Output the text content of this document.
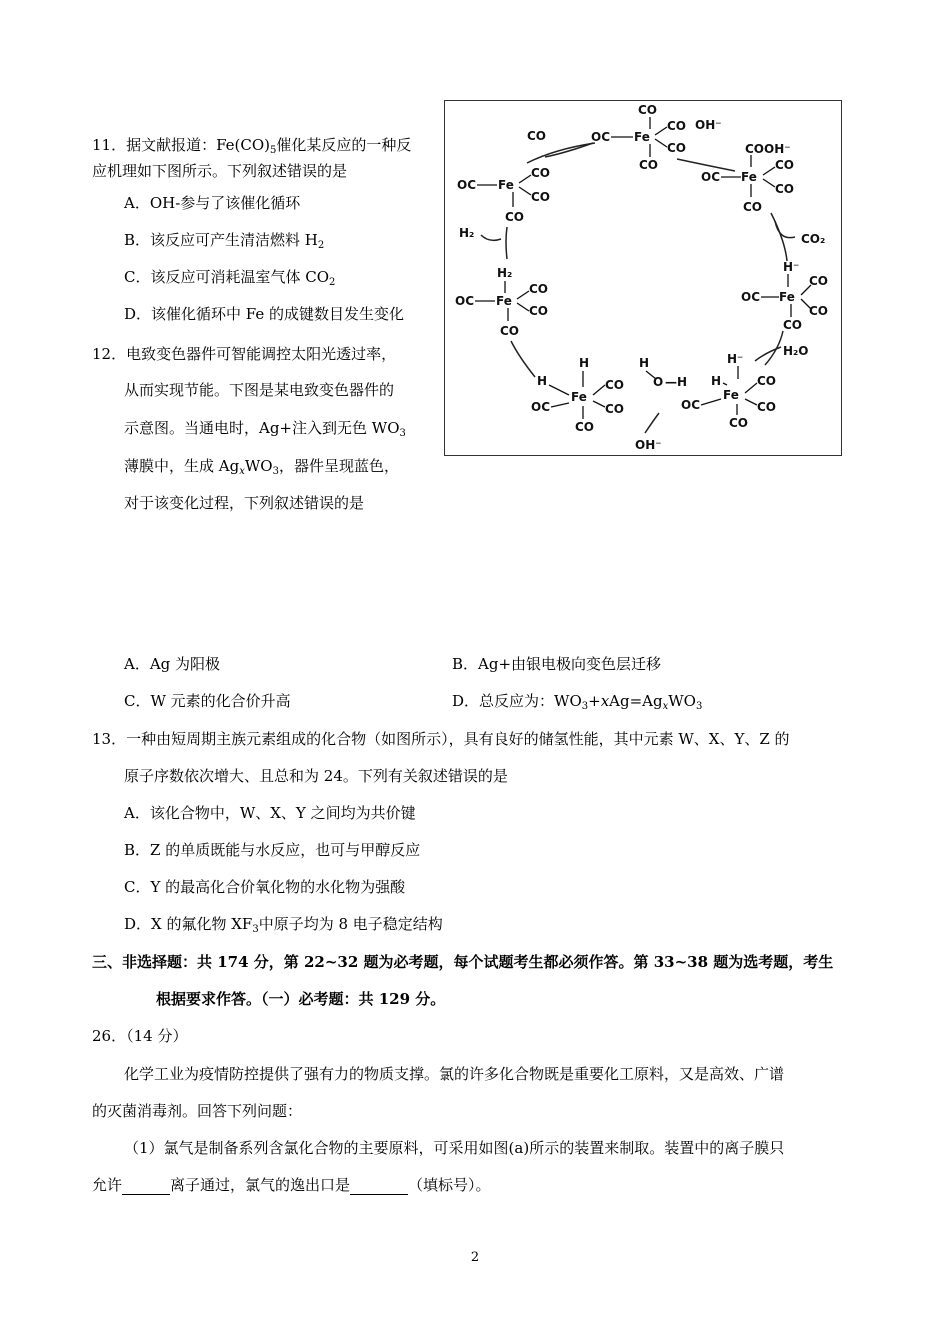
11．据文献报道：$Fe(CO)_5$催化某反应的一种反
应机理如下图所示。下列叙述错误的是
A．OH-参与了该催化循环
B．该反应可产生清洁燃料 $H_2$
C．该反应可消耗温室气体 $CO_2$
D．该催化循环中 Fe 的成键数目发生变化
CO
OC Fe
CO
CO
CO
CO
OC Fe
CO
CO
CO
OH⁻
COOH⁻
OC Fe
CO
CO
CO
CO₂
H₂
H₂
OC Fe
CO
CO
CO
H⁻
OC Fe
CO
CO
CO
H₂O
H
H
OC
Fe
CO
CO
CO
H
O —H
OH⁻
H⁻
H
OC
Fe
CO
CO
CO
12．电致变色器件可智能调控太阳光透过率，
从而实现节能。下图是某电致变色器件的
示意图。当通电时，Ag+注入到无色 $WO_3$
薄膜中，生成 $Ag_xWO_3$，器件呈现蓝色，
对于该变化过程，下列叙述错误的是
A．Ag 为阳极	B．Ag+由银电极向变色层迁移
C．W 元素的化合价升高	D．总反应为：$WO_3+xAg=Ag_xWO_3$
13．一种由短周期主族元素组成的化合物（如图所示），具有良好的储氢性能，其中元素 W、X、Y、Z 的
原子序数依次增大、且总和为 24。下列有关叙述错误的是
A．该化合物中，W、X、Y 之间均为共价键
B．Z 的单质既能与水反应，也可与甲醇反应
C．Y 的最高化合价氧化物的水化物为强酸
D．X 的氟化物 $XF_3$中原子均为 8 电子稳定结构
三、非选择题：共 174 分，第 22~32 题为必考题，每个试题考生都必须作答。第 33~38 题为选考题，考生
根据要求作答。（一）必考题：共 129 分。
26．（14 分）
化学工业为疫情防控提供了强有力的物质支撑。氯的许多化合物既是重要化工原料，又是高效、广谱
的灭菌消毒剂。回答下列问题：
（1）氯气是制备系列含氯化合物的主要原料，可采用如图(a)所示的装置来制取。装置中的离子膜只
允许	离子通过，氯气的逸出口是	（填标号）。
2
